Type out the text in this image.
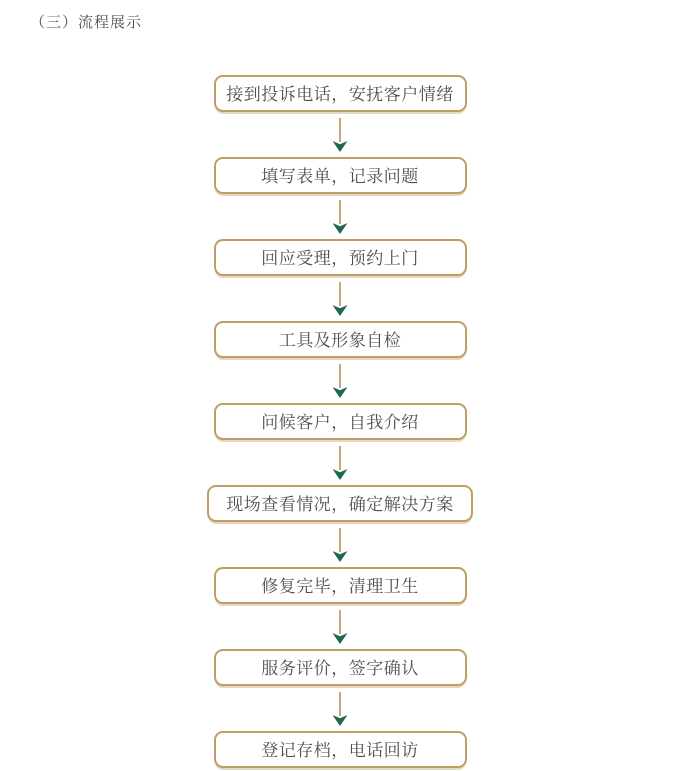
（三）流程展示
接到投诉电话，安抚客户情绪
填写表单，记录问题
回应受理，预约上门
工具及形象自检
问候客户，自我介绍
现场查看情况，确定解决方案
修复完毕，清理卫生
服务评价，签字确认
登记存档，电话回访
